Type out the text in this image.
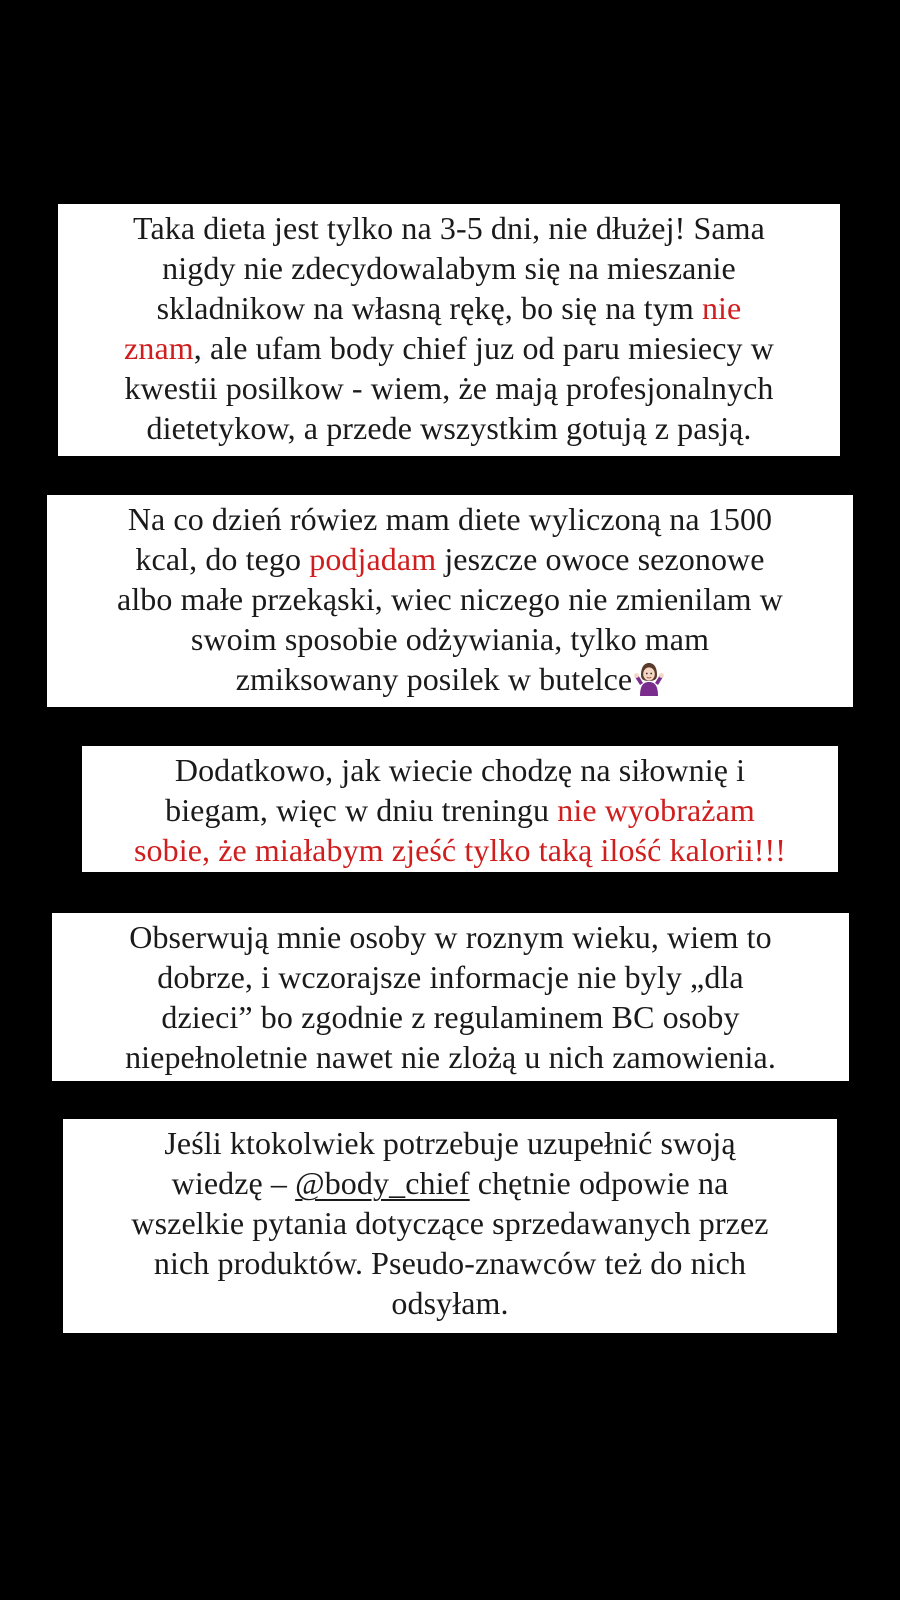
Taka dieta jest tylko na 3-5 dni, nie dłużej! Sama
nigdy nie zdecydowalabym się na mieszanie
skladnikow na własną rękę, bo się na tym nie
znam, ale ufam body chief juz od paru miesiecy w
kwestii posilkow - wiem, że mają profesjonalnych
dietetykow, a przede wszystkim gotują z pasją.
Na co dzień rówiez mam diete wyliczoną na 1500
kcal, do tego podjadam jeszcze owoce sezonowe
albo małe przekąski, wiec niczego nie zmienilam w
swoim sposobie odżywiania, tylko mam
zmiksowany posilek w butelce
Dodatkowo, jak wiecie chodzę na siłownię i
biegam, więc w dniu treningu nie wyobrażam
sobie, że miałabym zjeść tylko taką ilość kalorii!!!
Obserwują mnie osoby w roznym wieku, wiem to
dobrze, i wczorajsze informacje nie byly „dla
dzieci” bo zgodnie z regulaminem BC osoby
niepełnoletnie nawet nie zlożą u nich zamowienia.
Jeśli ktokolwiek potrzebuje uzupełnić swoją
wiedzę – @body_chief chętnie odpowie na
wszelkie pytania dotyczące sprzedawanych przez
nich produktów. Pseudo-znawców też do nich
odsyłam.
